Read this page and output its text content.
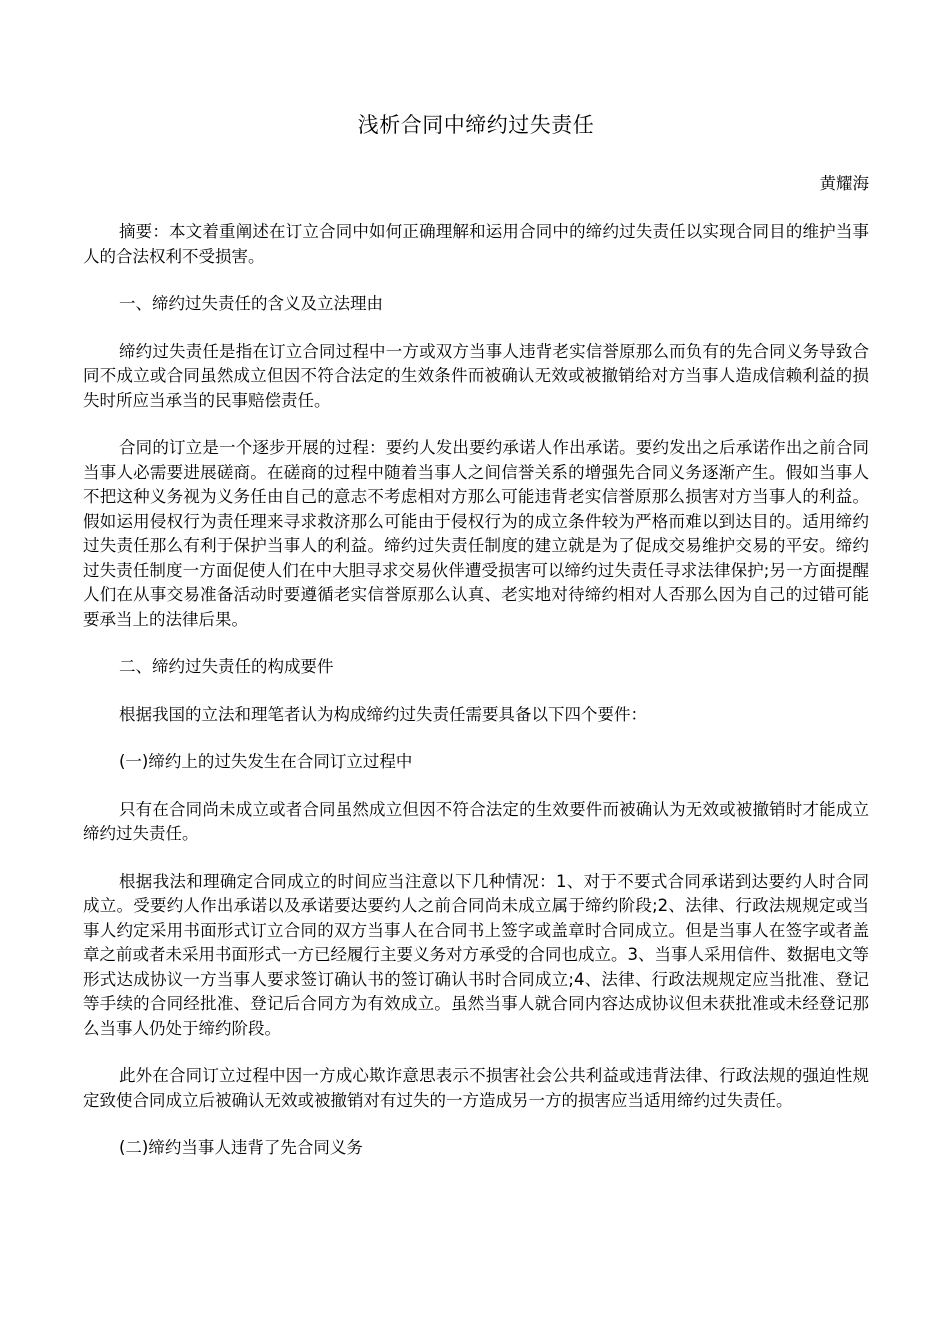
浅析合同中缔约过失责任

黄耀海

摘要：本文着重阐述在订立合同中如何正确理解和运用合同中的缔约过失责任以实现合同目的维护当事人的合法权利不受损害。

一、缔约过失责任的含义及立法理由

缔约过失责任是指在订立合同过程中一方或双方当事人违背老实信誉原那么而负有的先合同义务导致合同不成立或合同虽然成立但因不符合法定的生效条件而被确认无效或被撤销给对方当事人造成信赖利益的损失时所应当承当的民事赔偿责任。

合同的订立是一个逐步开展的过程：要约人发出要约承诺人作出承诺。要约发出之后承诺作出之前合同当事人必需要进展磋商。在磋商的过程中随着当事人之间信誉关系的增强先合同义务逐渐产生。假如当事人不把这种义务视为义务任由自己的意志不考虑相对方那么可能违背老实信誉原那么损害对方当事人的利益。假如运用侵权行为责任理来寻求救济那么可能由于侵权行为的成立条件较为严格而难以到达目的。适用缔约过失责任那么有利于保护当事人的利益。缔约过失责任制度的建立就是为了促成交易维护交易的平安。缔约过失责任制度一方面促使人们在中大胆寻求交易伙伴遭受损害可以缔约过失责任寻求法律保护;另一方面提醒人们在从事交易准备活动时要遵循老实信誉原那么认真、老实地对待缔约相对人否那么因为自己的过错可能要承当上的法律后果。

二、缔约过失责任的构成要件

根据我国的立法和理笔者认为构成缔约过失责任需要具备以下四个要件：

(一)缔约上的过失发生在合同订立过程中

只有在合同尚未成立或者合同虽然成立但因不符合法定的生效要件而被确认为无效或被撤销时才能成立缔约过失责任。

根据我法和理确定合同成立的时间应当注意以下几种情况：1、对于不要式合同承诺到达要约人时合同成立。受要约人作出承诺以及承诺要达要约人之前合同尚未成立属于缔约阶段;2、法律、行政法规规定或当事人约定采用书面形式订立合同的双方当事人在合同书上签字或盖章时合同成立。但是当事人在签字或者盖章之前或者未采用书面形式一方已经履行主要义务对方承受的合同也成立。3、当事人采用信件、数据电文等形式达成协议一方当事人要求签订确认书的签订确认书时合同成立;4、法律、行政法规规定应当批准、登记等手续的合同经批准、登记后合同方为有效成立。虽然当事人就合同内容达成协议但未获批准或未经登记那么当事人仍处于缔约阶段。

此外在合同订立过程中因一方成心欺诈意思表示不损害社会公共利益或违背法律、行政法规的强迫性规定致使合同成立后被确认无效或被撤销对有过失的一方造成另一方的损害应当适用缔约过失责任。

(二)缔约当事人违背了先合同义务
